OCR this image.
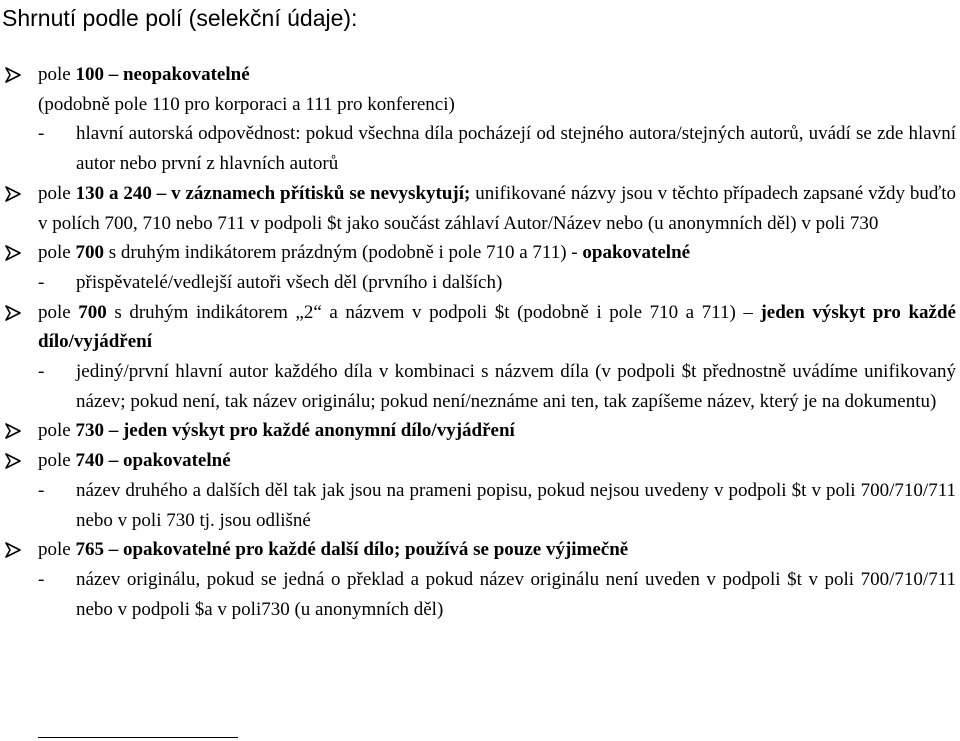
Shrnutí podle polí (selekční údaje):
pole 100 – neopakovatelné
(podobně pole 110 pro korporaci a 111 pro konferenci)
- hlavní autorská odpovědnost: pokud všechna díla pocházejí od stejného autora/stejných autorů, uvádí se zde hlavní autor nebo první z hlavních autorů
pole 130 a 240 – v záznamech přítisků se nevyskytují; unifikované názvy jsou v těchto případech zapsané vždy buďto v polích 700, 710 nebo 711 v podpoli $t jako součást záhlaví Autor/Název nebo (u anonymních děl) v poli 730
pole 700 s druhým indikátorem prázdným (podobně i pole 710 a 711) - opakovatelné
- přispěvatelé/vedlejší autoři všech děl (prvního i dalších)
pole 700 s druhým indikátorem „2“ a názvem v podpoli $t (podobně i pole 710 a 711) – jeden výskyt pro každé dílo/vyjádření
- jediný/první hlavní autor každého díla v kombinaci s názvem díla (v podpoli $t přednostně uvádíme unifikovaný název; pokud není, tak název originálu; pokud není/neznáme ani ten, tak zapíšeme název, který je na dokumentu)
pole 730 – jeden výskyt pro každé anonymní dílo/vyjádření
pole 740 – opakovatelné
- název druhého a dalších děl tak jak jsou na prameni popisu, pokud nejsou uvedeny v podpoli $t v poli 700/710/711 nebo v poli 730 tj. jsou odlišné
pole 765 – opakovatelné pro každé další dílo; používá se pouze výjimečně
- název originálu, pokud se jedná o překlad a pokud název originálu není uveden v podpoli $t v poli 700/710/711 nebo v podpoli $a v poli730 (u anonymních děl)
